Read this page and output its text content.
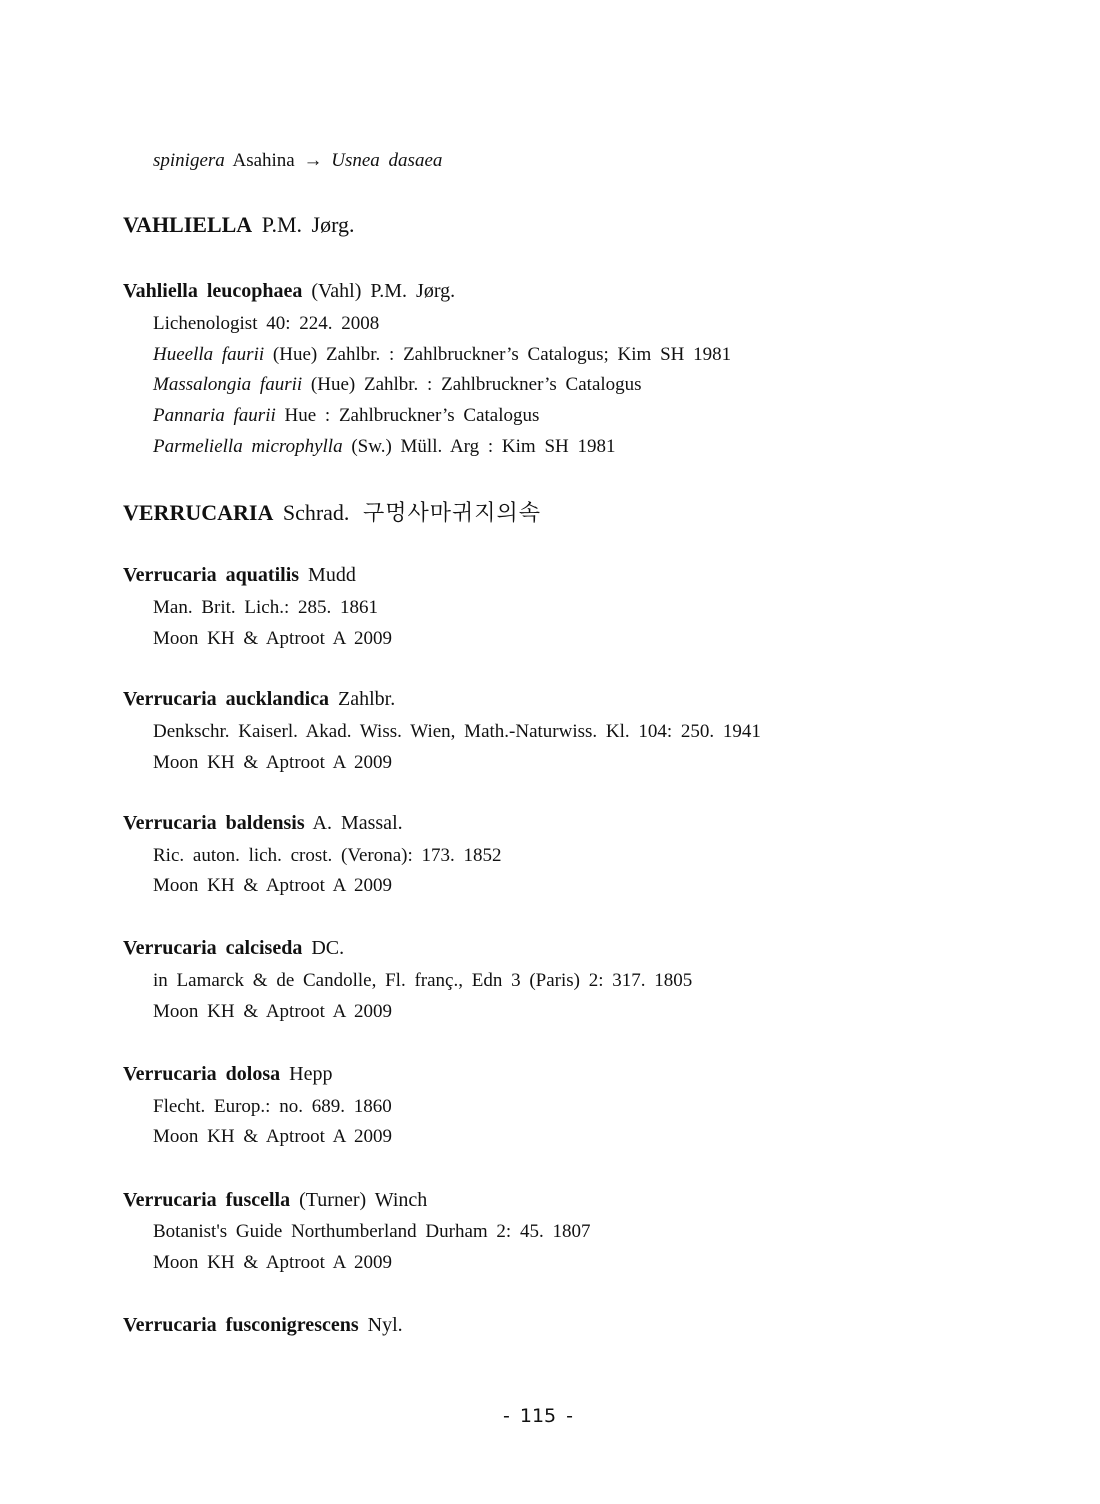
spinigera Asahina → Usnea dasaea
VAHLIELLA P.M. Jørg.
Vahliella leucophaea (Vahl) P.M. Jørg.
Lichenologist 40: 224. 2008
Hueella faurii (Hue) Zahlbr. : Zahlbruckner’s Catalogus; Kim SH 1981
Massalongia faurii (Hue) Zahlbr. : Zahlbruckner’s Catalogus
Pannaria faurii Hue : Zahlbruckner’s Catalogus
Parmeliella microphylla (Sw.) Müll. Arg : Kim SH 1981
VERRUCARIA Schrad. 구멍사마귀지의속
Verrucaria aquatilis Mudd
Man. Brit. Lich.: 285. 1861
Moon KH & Aptroot A 2009
Verrucaria aucklandica Zahlbr.
Denkschr. Kaiserl. Akad. Wiss. Wien, Math.-Naturwiss. Kl. 104: 250. 1941
Moon KH & Aptroot A 2009
Verrucaria baldensis A. Massal.
Ric. auton. lich. crost. (Verona): 173. 1852
Moon KH & Aptroot A 2009
Verrucaria calciseda DC.
in Lamarck & de Candolle, Fl. franç., Edn 3 (Paris) 2: 317. 1805
Moon KH & Aptroot A 2009
Verrucaria dolosa Hepp
Flecht. Europ.: no. 689. 1860
Moon KH & Aptroot A 2009
Verrucaria fuscella (Turner) Winch
Botanist's Guide Northumberland Durham 2: 45. 1807
Moon KH & Aptroot A 2009
Verrucaria fusconigrescens Nyl.
- 115 -
